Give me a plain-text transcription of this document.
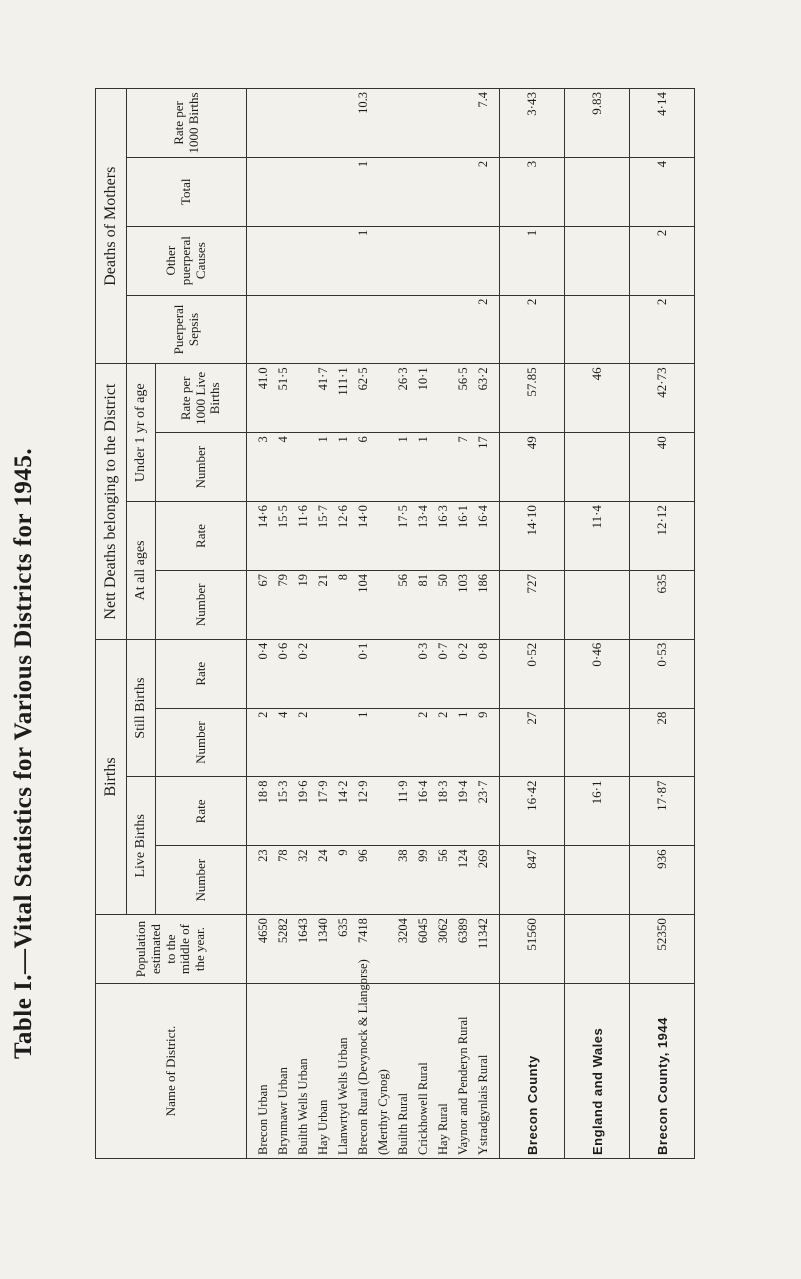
Table I.—Vital Statistics for Various Districts for 1945.
Name of District.	Population estimated to the middle of the year.	Births				Nett Deaths belonging to the District				Deaths of Mothers			
		Live Births		Still Births		At all ages		Under 1 yr of age		Puerperal Sepsis	Other puerperal Causes	Total	Rate per 1000 Births
		Number	Rate	Number	Rate	Number	Rate	Number	Rate per 1000 Live Births				
Brecon Urban	4650	23	18·8	2	0·4	67	14·6	3	41.0				
Brynmawr Urban	5282	78	15·3	4	0·6	79	15·5	4	51·5				
Builth Wells Urban	1643	32	19·6	2	0·2	19	11·6						
Hay Urban	1340	24	17·9			21	15·7	1	41·7				
Llanwrtyd Wells Urban	635	9	14·2			8	12·6	1	111·1				
Brecon Rural (Devynock & Llangorse)	7418	96	12·9	1	0·1	104	14·0	6	62·5		1	1	10.3
(Merthyr Cynog)													
Builth Rural	3204	38	11·9			56	17·5	1	26·3				
Crickhowell Rural	6045	99	16·4	2	0·3	81	13·4	1	10·1				
Hay Rural	3062	56	18·3	2	0·7	50	16·3						
Vaynor and Penderyn Rural	6389	124	19·4	1	0·2	103	16·1	7	56·5				
Ystradgynlais Rural	11342	269	23·7	9	0·8	186	16·4	17	63·2	2		2	7.4
Brecon County	51560	847	16·42	27	0·52	727	14·10	49	57.85	2	1	3	3·43
England and Wales			16·1		0·46		11·4		46				9.83
Brecon County, 1944	52350	936	17·87	28	0·53	635	12·12	40	42·73	2	2	4	4·14
